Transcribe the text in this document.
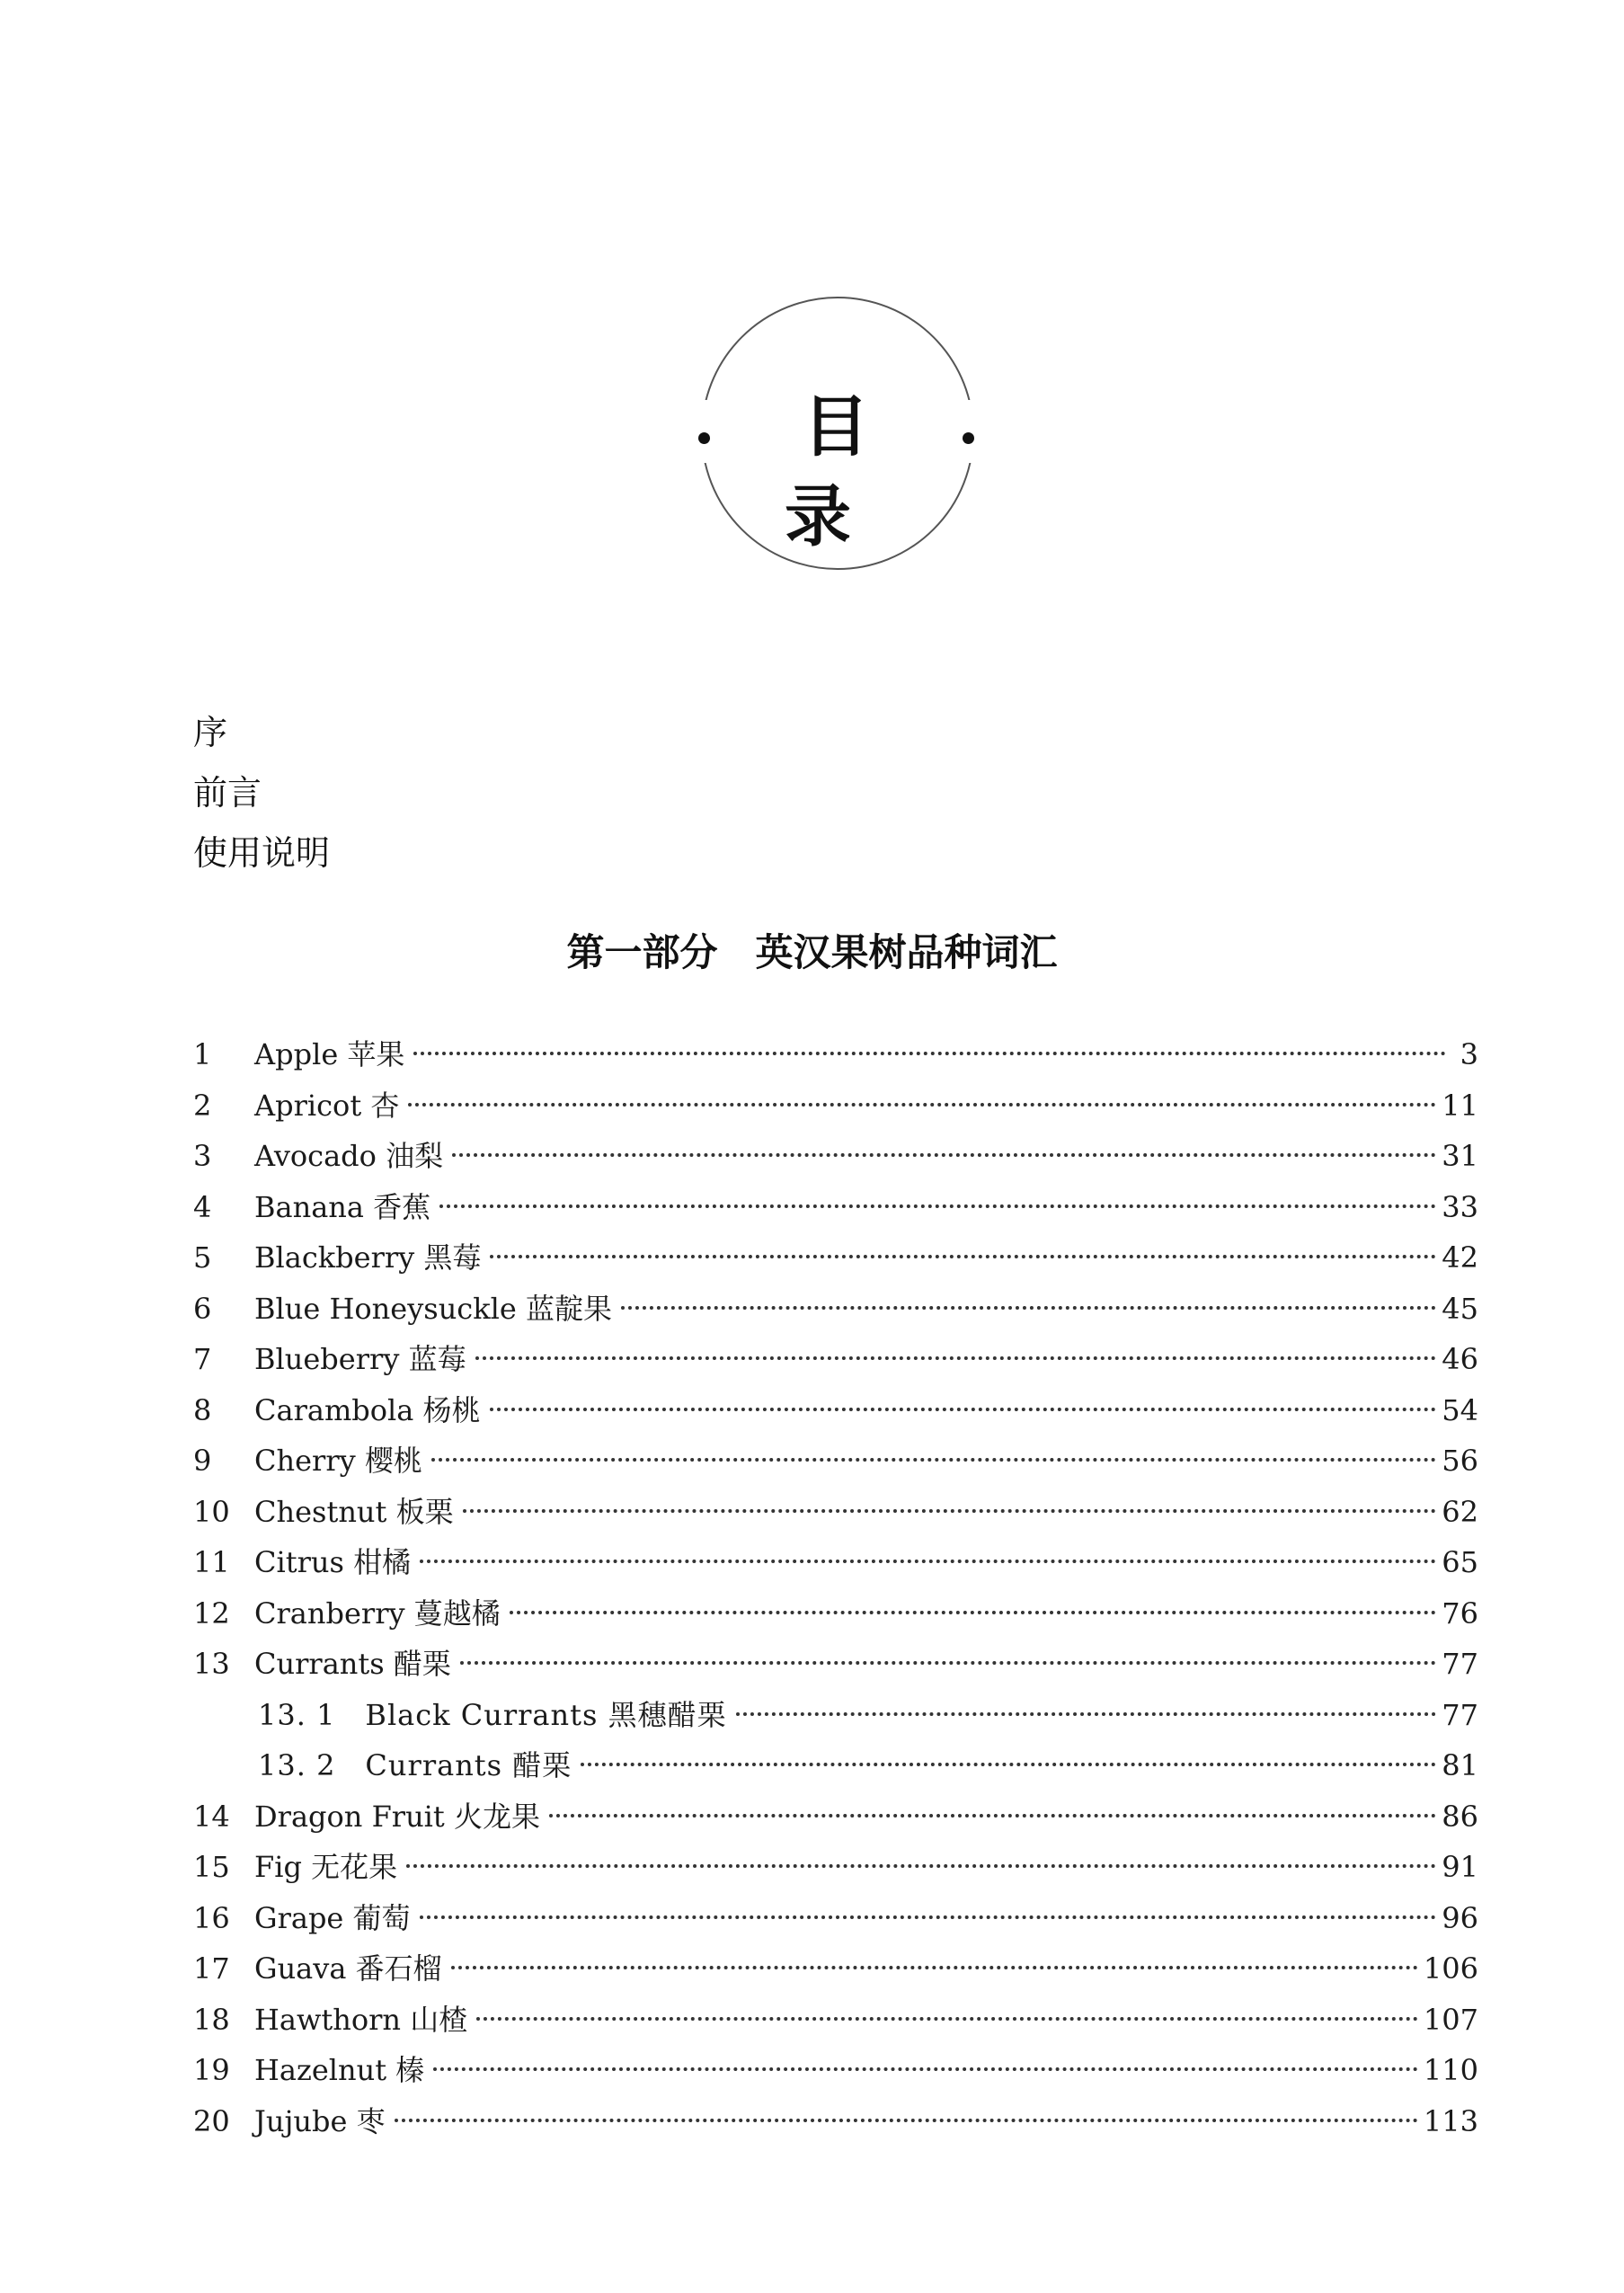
目 录
序
前言
使用说明
第一部分　英汉果树品种词汇
1	Apple 苹果	3
2	Apricot 杏	11
3	Avocado 油梨	31
4	Banana 香蕉	33
5	Blackberry 黑莓	42
6	Blue Honeysuckle 蓝靛果	45
7	Blueberry 蓝莓	46
8	Carambola 杨桃	54
9	Cherry 樱桃	56
10 Chestnut 板栗	62
11 Citrus 柑橘	65
12 Cranberry 蔓越橘	76
13 Currants 醋栗	77
13. 1　Black Currants 黑穗醋栗	77
13. 2　Currants 醋栗	81
14 Dragon Fruit 火龙果	86
15 Fig 无花果	91
16 Grape 葡萄	96
17 Guava 番石榴	106
18 Hawthorn 山楂	107
19 Hazelnut 榛	110
20 Jujube 枣	113
